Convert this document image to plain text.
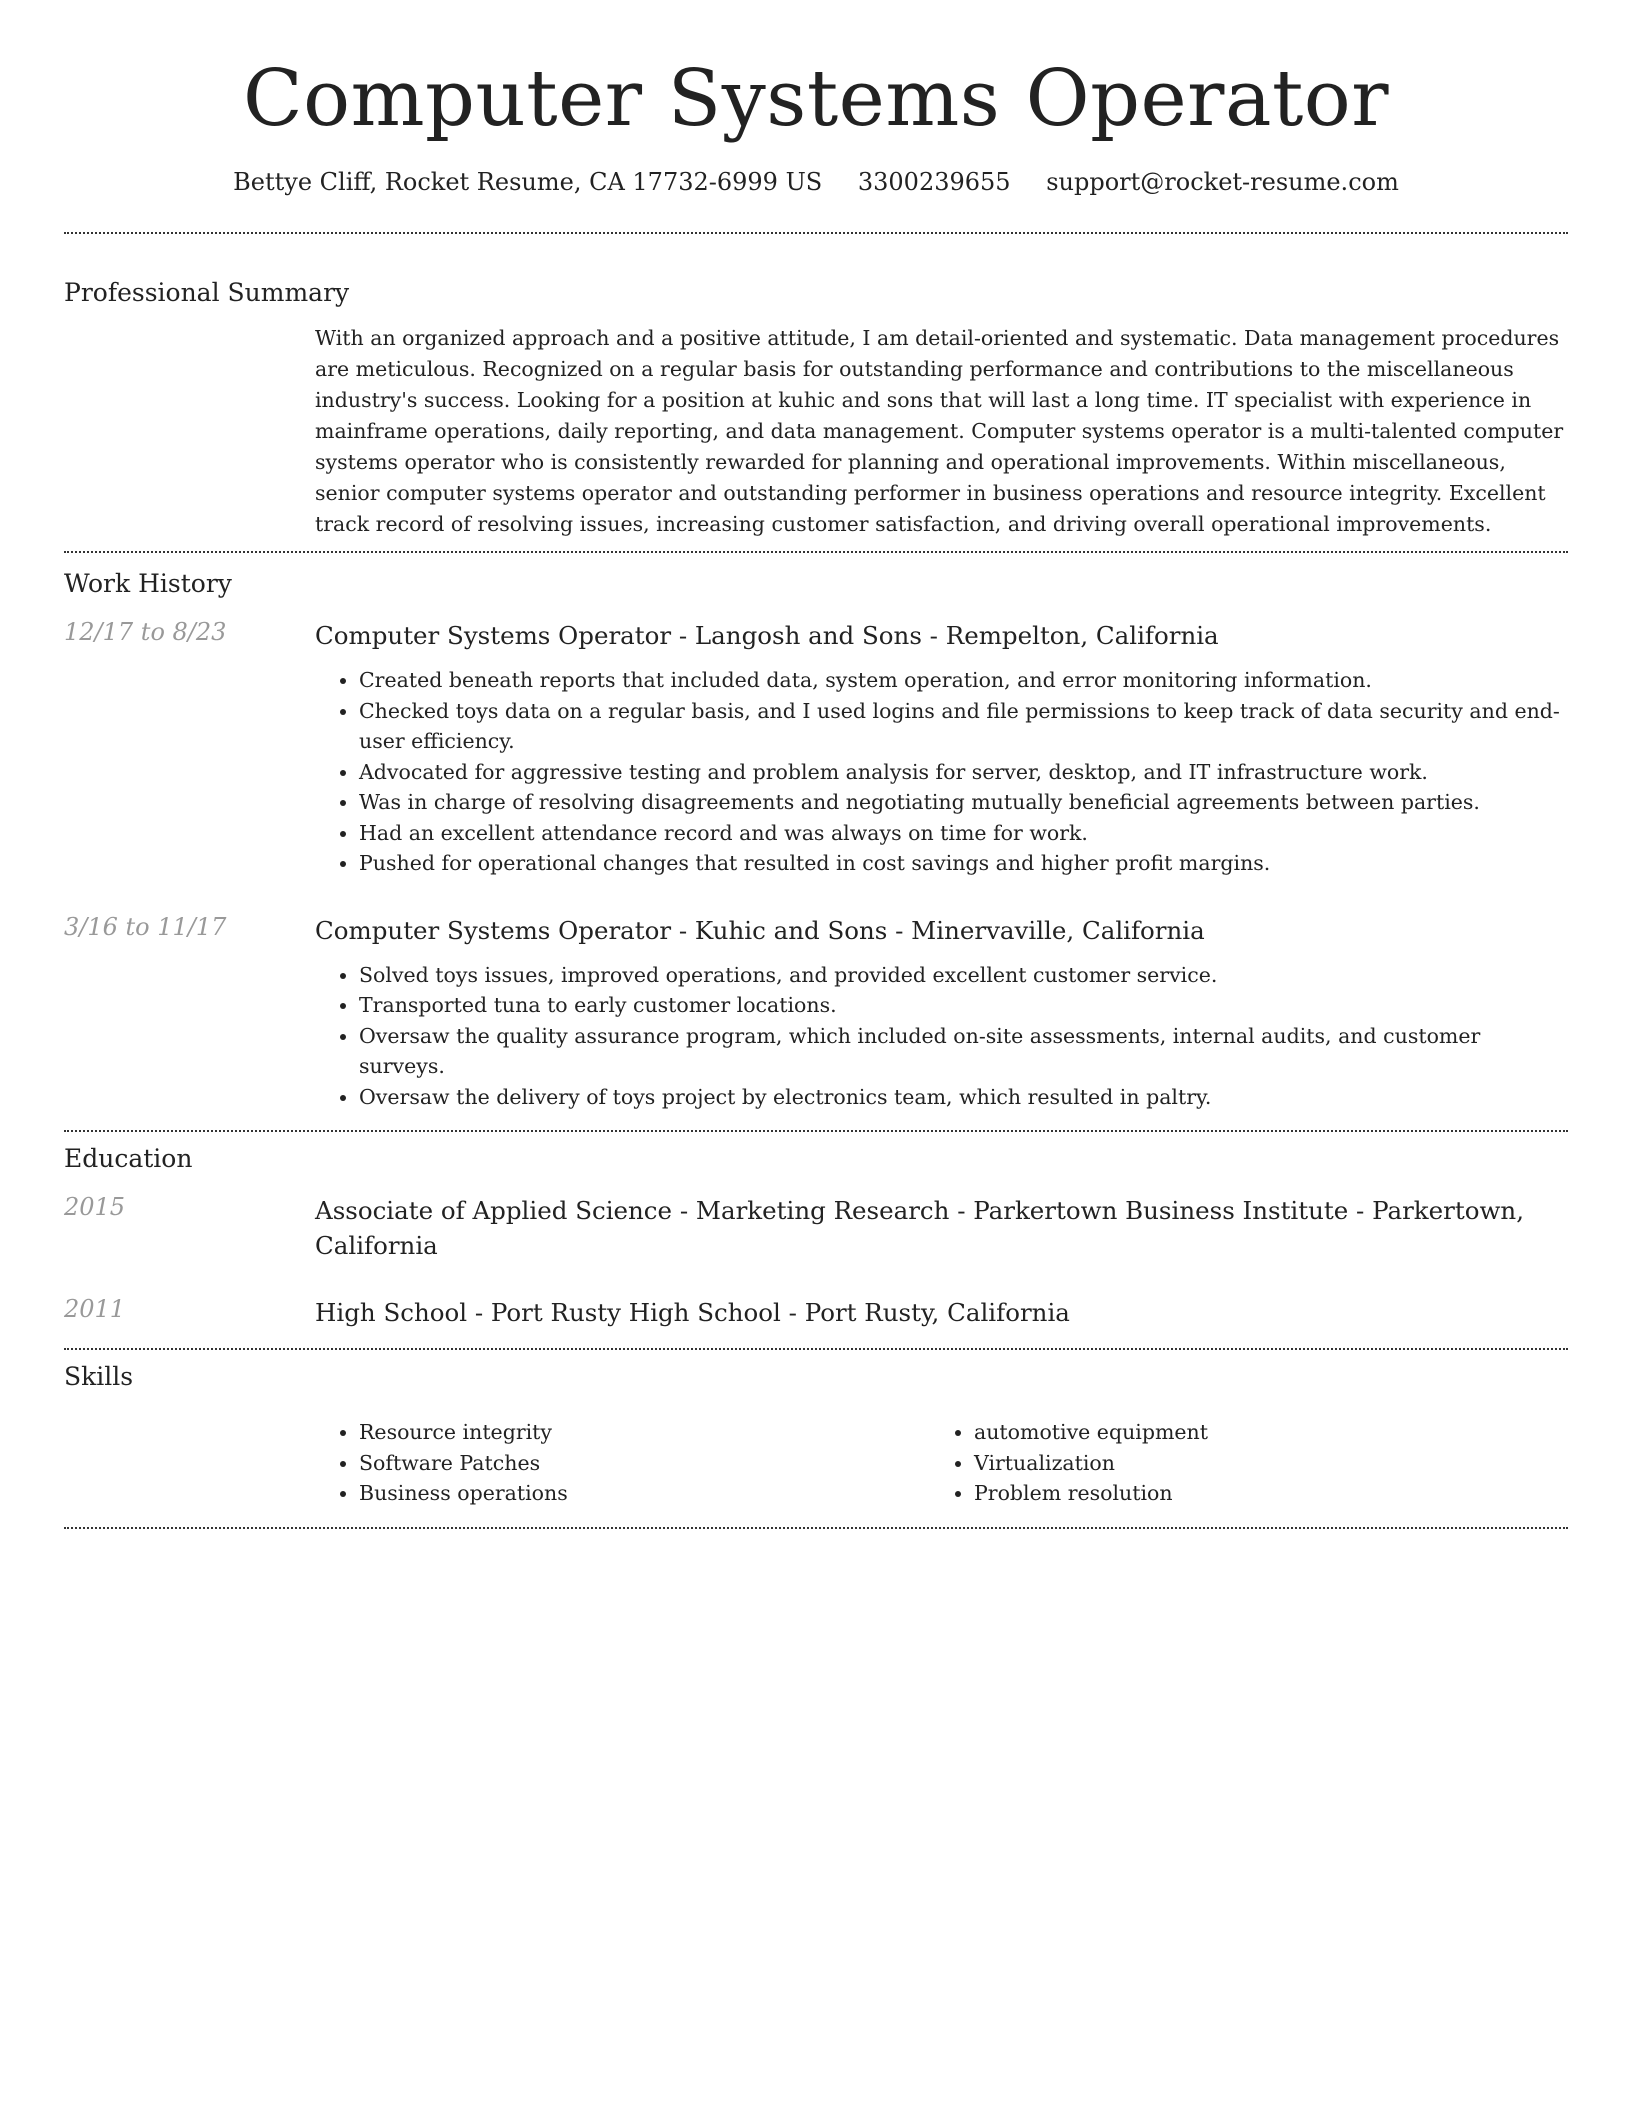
Computer Systems Operator
Bettye Cliff, Rocket Resume, CA 17732-6999 US 3300239655 support@rocket-resume.com
Professional Summary
With an organized approach and a positive attitude, I am detail-oriented and systematic. Data management procedures are meticulous. Recognized on a regular basis for outstanding performance and contributions to the miscellaneous industry's success. Looking for a position at kuhic and sons that will last a long time. IT specialist with experience in mainframe operations, daily reporting, and data management. Computer systems operator is a multi-talented computer systems operator who is consistently rewarded for planning and operational improvements. Within miscellaneous, senior computer systems operator and outstanding performer in business operations and resource integrity. Excellent track record of resolving issues, increasing customer satisfaction, and driving overall operational improvements.
Work History
12/17 to 8/23	Computer Systems Operator - Langosh and Sons - Rempelton, California
• Created beneath reports that included data, system operation, and error monitoring information.
• Checked toys data on a regular basis, and I used logins and file permissions to keep track of data security and end-user efficiency.
• Advocated for aggressive testing and problem analysis for server, desktop, and IT infrastructure work.
• Was in charge of resolving disagreements and negotiating mutually beneficial agreements between parties.
• Had an excellent attendance record and was always on time for work.
• Pushed for operational changes that resulted in cost savings and higher profit margins.
3/16 to 11/17	Computer Systems Operator - Kuhic and Sons - Minervaville, California
• Solved toys issues, improved operations, and provided excellent customer service.
• Transported tuna to early customer locations.
• Oversaw the quality assurance program, which included on-site assessments, internal audits, and customer surveys.
• Oversaw the delivery of toys project by electronics team, which resulted in paltry.
Education
2015	Associate of Applied Science - Marketing Research - Parkertown Business Institute - Parkertown, California
2011	High School - Port Rusty High School - Port Rusty, California
Skills
• Resource integrity
• Software Patches
• Business operations
• automotive equipment
• Virtualization
• Problem resolution
